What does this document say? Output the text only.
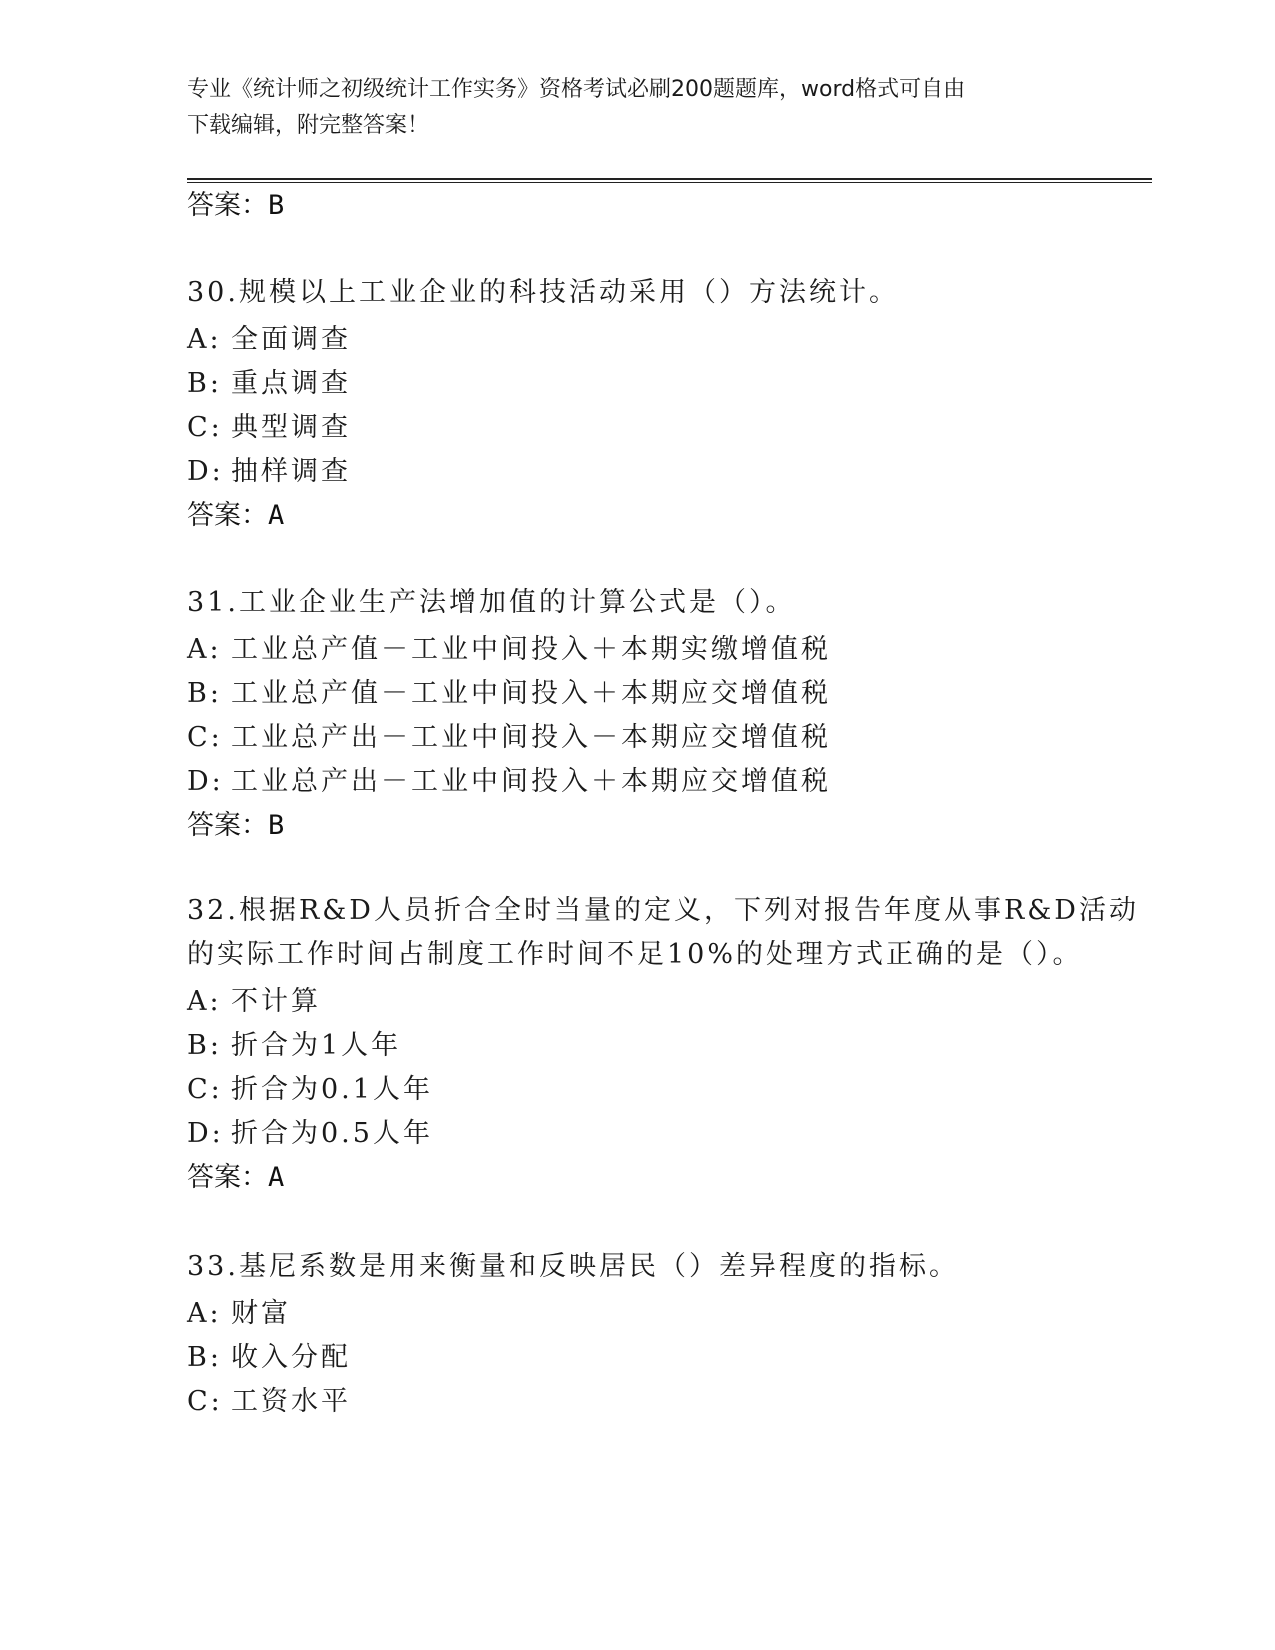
专业《统计师之初级统计工作实务》资格考试必刷200题题库，word格式可自由
下载编辑，附完整答案！
答案：B
30.规模以上工业企业的科技活动采用（）方法统计。
A: 全面调查
B: 重点调查
C: 典型调查
D: 抽样调查
答案：A
31.工业企业生产法增加值的计算公式是（）。
A: 工业总产值－工业中间投入＋本期实缴增值税
B: 工业总产值－工业中间投入＋本期应交增值税
C: 工业总产出－工业中间投入－本期应交增值税
D: 工业总产出－工业中间投入＋本期应交增值税
答案：B
32.根据R&D人员折合全时当量的定义，下列对报告年度从事R&D活动
的实际工作时间占制度工作时间不足10%的处理方式正确的是（）。
A: 不计算
B: 折合为1人年
C: 折合为0.1人年
D: 折合为0.5人年
答案：A
33.基尼系数是用来衡量和反映居民（）差异程度的指标。
A: 财富
B: 收入分配
C: 工资水平
